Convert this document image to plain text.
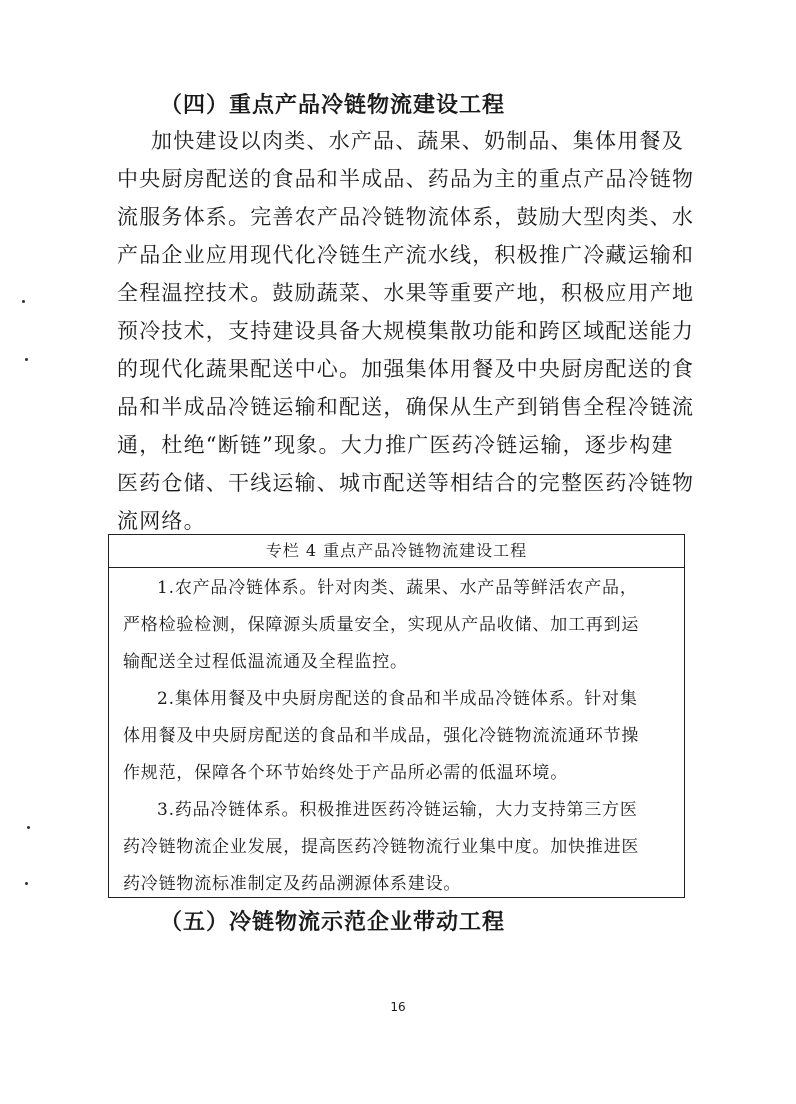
（四）重点产品冷链物流建设工程
加快建设以肉类、水产品、蔬果、奶制品、集体用餐及
中央厨房配送的食品和半成品、药品为主的重点产品冷链物
流服务体系。完善农产品冷链物流体系，鼓励大型肉类、水
产品企业应用现代化冷链生产流水线，积极推广冷藏运输和
全程温控技术。鼓励蔬菜、水果等重要产地，积极应用产地
预冷技术，支持建设具备大规模集散功能和跨区域配送能力
的现代化蔬果配送中心。加强集体用餐及中央厨房配送的食
品和半成品冷链运输和配送，确保从生产到销售全程冷链流
通，杜绝“断链”现象。大力推广医药冷链运输，逐步构建
医药仓储、干线运输、城市配送等相结合的完整医药冷链物
流网络。
专栏 4 重点产品冷链物流建设工程
1.农产品冷链体系。针对肉类、蔬果、水产品等鲜活农产品，
严格检验检测，保障源头质量安全，实现从产品收储、加工再到运
输配送全过程低温流通及全程监控。
2.集体用餐及中央厨房配送的食品和半成品冷链体系。针对集
体用餐及中央厨房配送的食品和半成品，强化冷链物流流通环节操
作规范，保障各个环节始终处于产品所必需的低温环境。
3.药品冷链体系。积极推进医药冷链运输，大力支持第三方医
药冷链物流企业发展，提高医药冷链物流行业集中度。加快推进医
药冷链物流标准制定及药品溯源体系建设。
（五）冷链物流示范企业带动工程
16
